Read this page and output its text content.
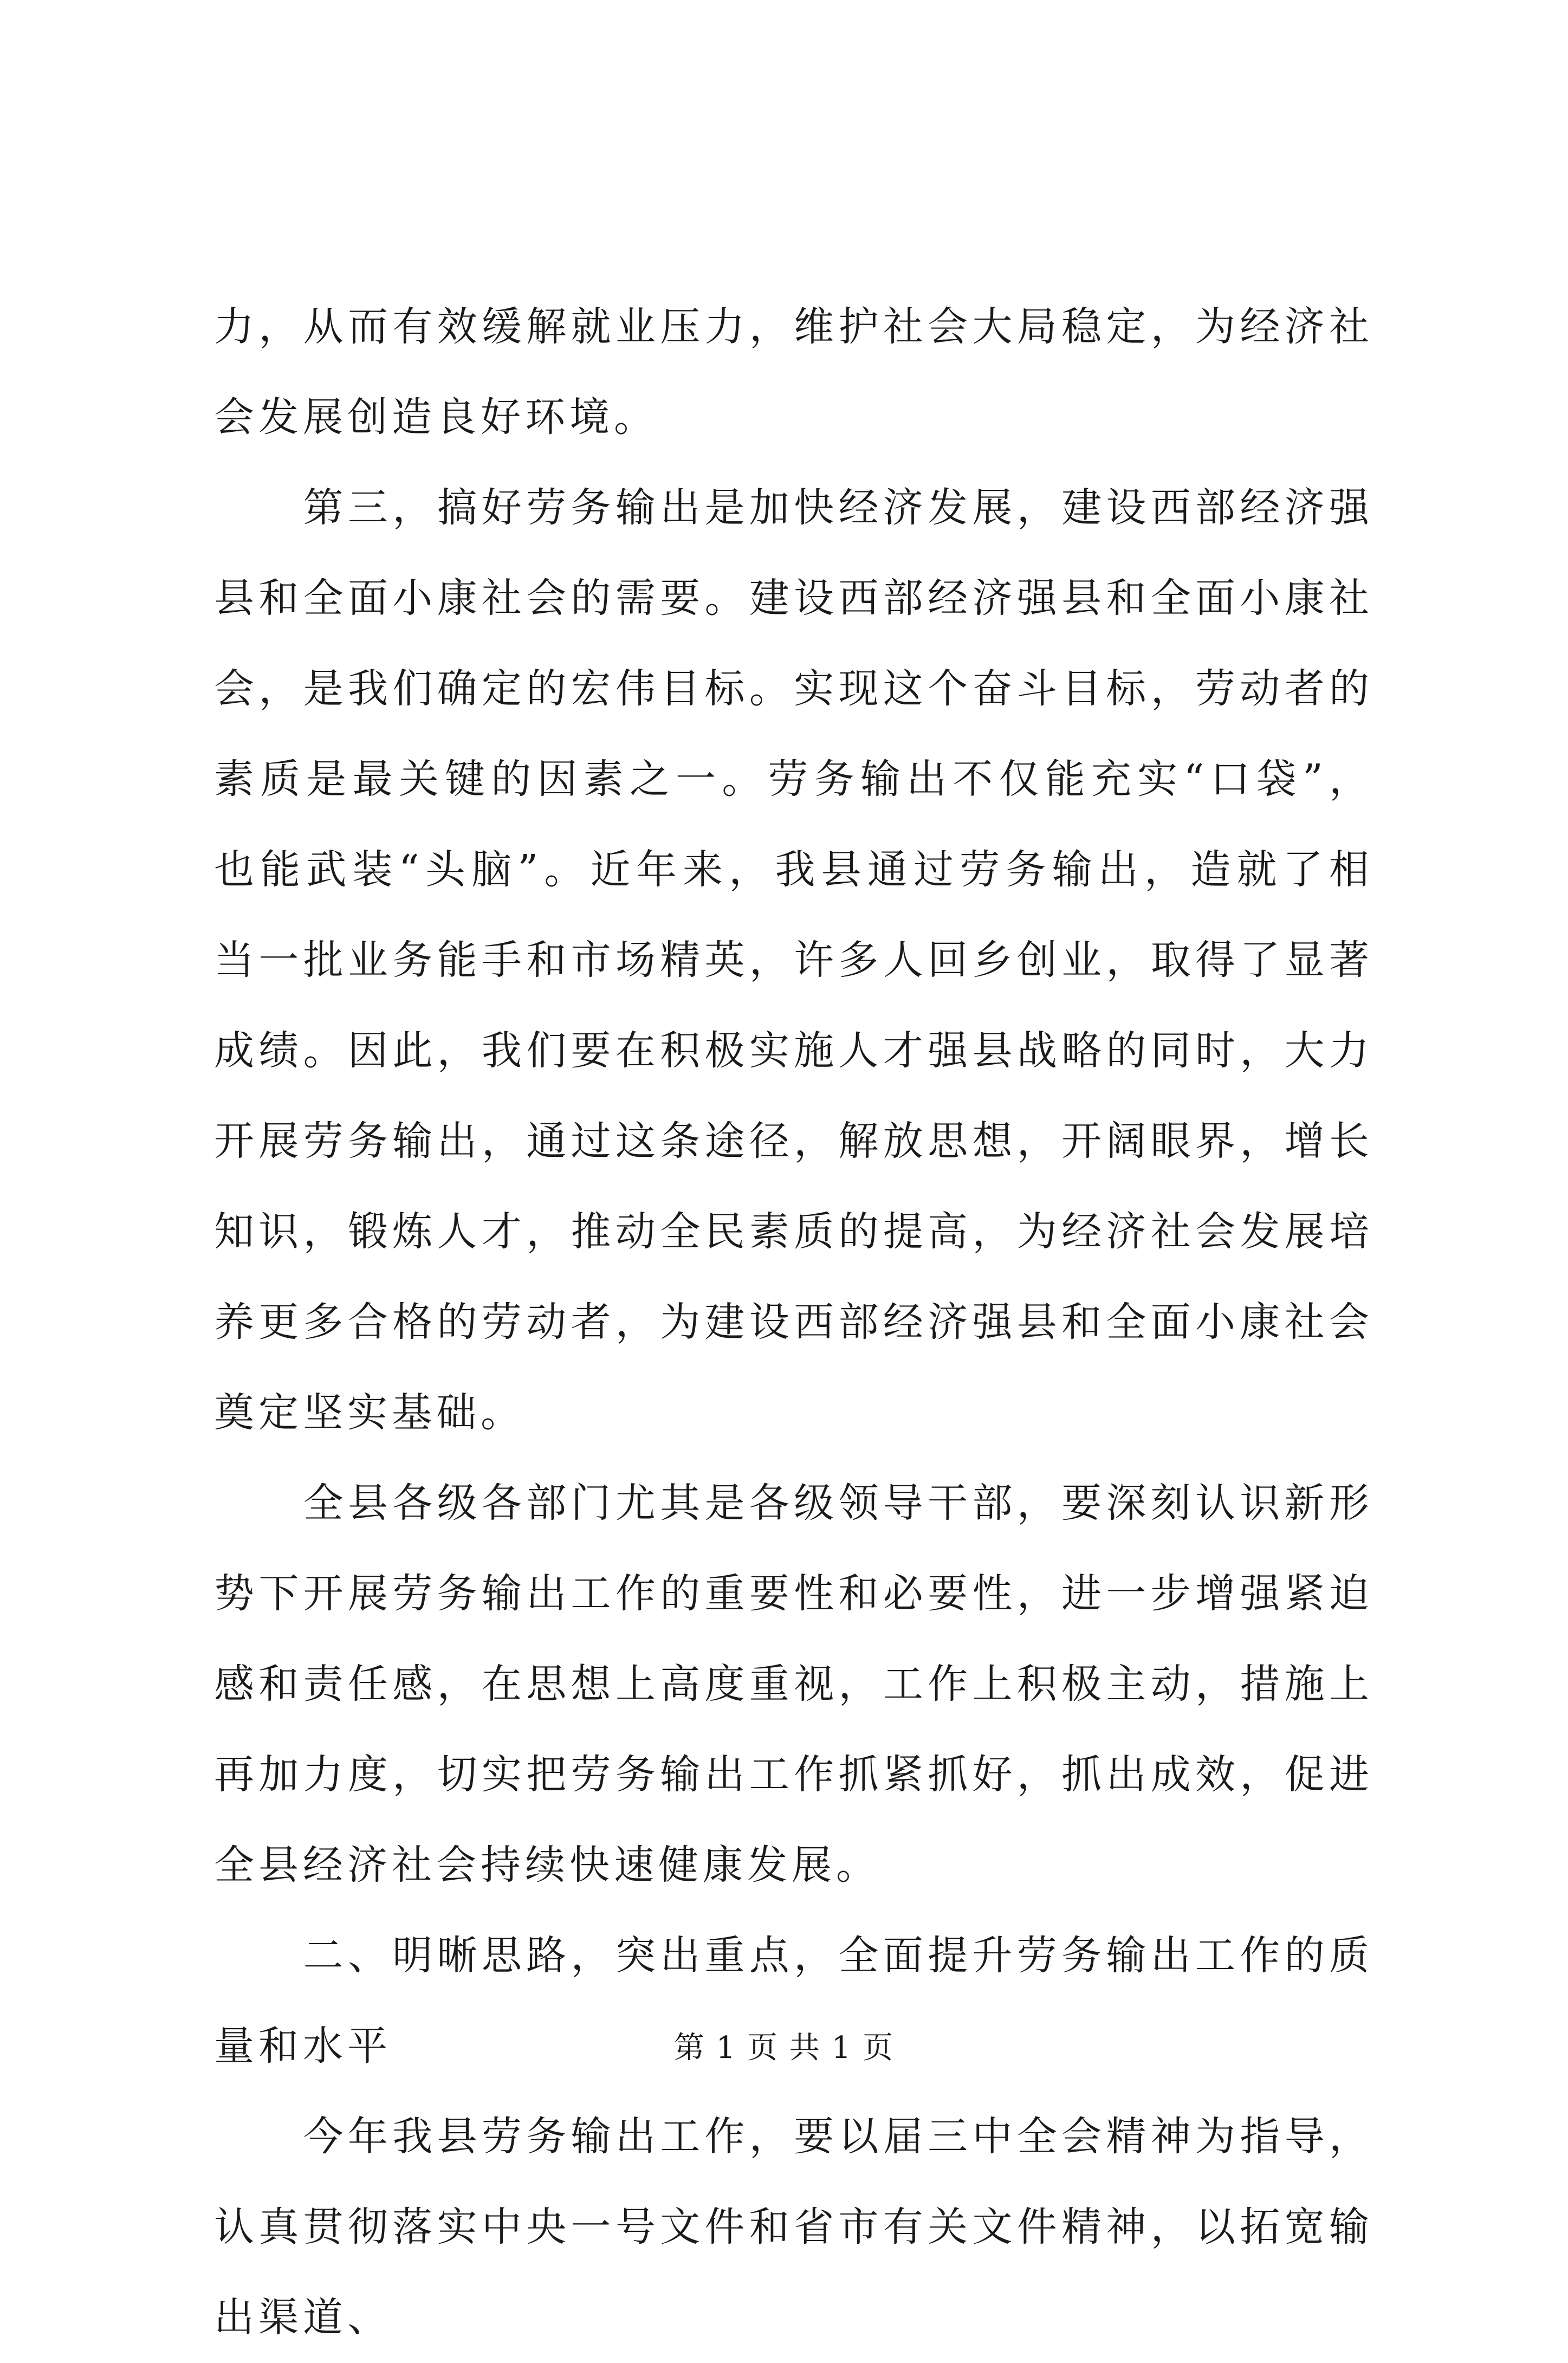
力，从而有效缓解就业压力，维护社会大局稳定，为经济社会发展创造良好环境。

　　第三，搞好劳务输出是加快经济发展，建设西部经济强县和全面小康社会的需要。建设西部经济强县和全面小康社会，是我们确定的宏伟目标。实现这个奋斗目标，劳动者的素质是最关键的因素之一。劳务输出不仅能充实“口袋”，也能武装“头脑”。近年来，我县通过劳务输出，造就了相当一批业务能手和市场精英，许多人回乡创业，取得了显著成绩。因此，我们要在积极实施人才强县战略的同时，大力开展劳务输出，通过这条途径，解放思想，开阔眼界，增长知识，锻炼人才，推动全民素质的提高，为经济社会发展培养更多合格的劳动者，为建设西部经济强县和全面小康社会奠定坚实基础。

　　全县各级各部门尤其是各级领导干部，要深刻认识新形势下开展劳务输出工作的重要性和必要性，进一步增强紧迫感和责任感，在思想上高度重视，工作上积极主动，措施上再加力度，切实把劳务输出工作抓紧抓好，抓出成效，促进全县经济社会持续快速健康发展。

　　二、明晰思路，突出重点，全面提升劳务输出工作的质量和水平

　　今年我县劳务输出工作，要以届三中全会精神为指导，认真贯彻落实中央一号文件和省市有关文件精神，以拓宽输出渠道、

第 1 页 共 1 页
